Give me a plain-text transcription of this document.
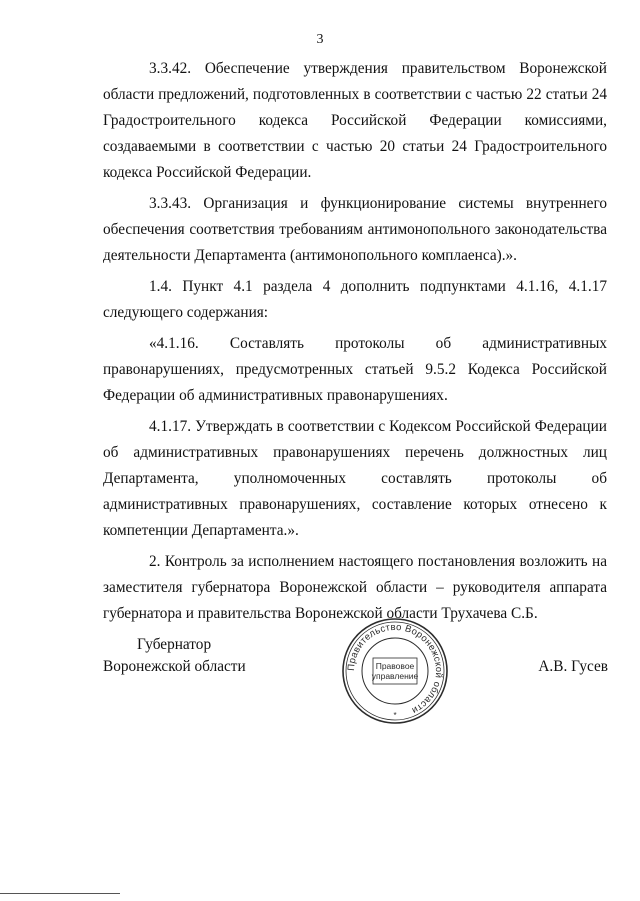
3

3.3.42. Обеспечение утверждения правительством Воронежской области предложений, подготовленных в соответствии с частью 22 статьи 24 Градостроительного кодекса Российской Федерации комиссиями, создаваемыми в соответствии с частью 20 статьи 24 Градостроительного кодекса Российской Федерации.

3.3.43. Организация и функционирование системы внутреннего обеспечения соответствия требованиям антимонопольного законодательства деятельности Департамента (антимонопольного комплаенса).».

1.4. Пункт 4.1 раздела 4 дополнить подпунктами 4.1.16, 4.1.17 следующего содержания:

«4.1.16. Составлять протоколы об административных правонарушениях, предусмотренных статьей 9.5.2 Кодекса Российской Федерации об административных правонарушениях.

4.1.17. Утверждать в соответствии с Кодексом Российской Федерации об административных правонарушениях перечень должностных лиц Департамента, уполномоченных составлять протоколы об административных правонарушениях, составление которых отнесено к компетенции Департамента.».

2. Контроль за исполнением настоящего постановления возложить на заместителя губернатора Воронежской области – руководителя аппарата губернатора и правительства Воронежской области Трухачева С.Б.

Губернатор
Воронежской области	Правительство Воронежской области
Правовое
управление
*
А.В. Гусев
